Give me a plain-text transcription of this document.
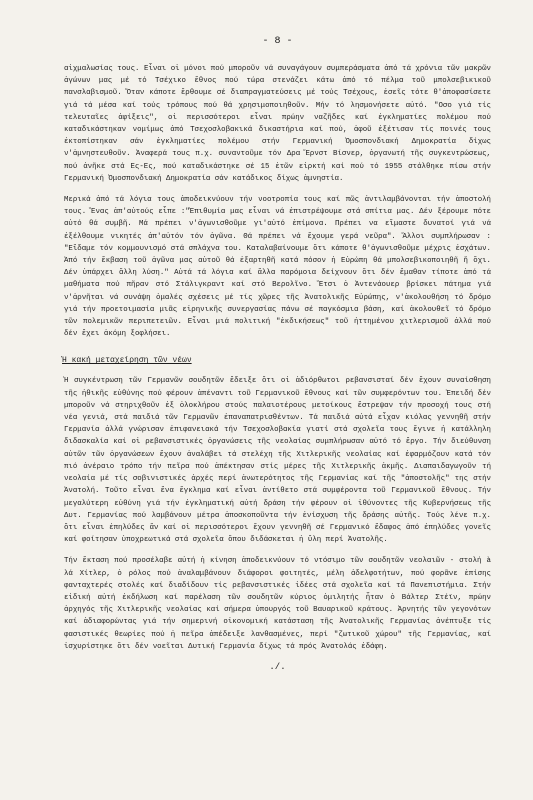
- 8 -

αἰχμαλωσίας τους. Εἶναι οἱ μόνοι πού μποροῦν νά συναγάγουν συμπεράσματα ἀπό τά χρόνια τῶν μακρῶν ἀγώνων μας μέ τό Τσέχικο ἔθνος πού τώρα στενάζει κάτω ἀπό τό πέλμα τοῦ μπολσεβικικοῦ πανσλαβισμοῦ. Ὅταν κάποτε ἔρθουμε σέ διαπραγματεύσεις μέ τούς Τσέχους, ἐσεῖς τότε θ'ἀποφασίσετε γιά τά μέσα καί τούς τρόπους πού θά χρησιμοποιηθοῦν. Μήν τό λησμονήσετε αὐτό. "Οσο γιά τίς τελευταῖες ἀφίξεις", οἱ περισσότεροι εἶναι πρώην ναζῆδες καί ἐγκληματίες πολέμου πού καταδικάστηκαν νομίμως ἀπό Τσεχοσλοβακικά δικαστήρια καί πού, ἀφοῦ ἐξέτισαν τίς ποινές τους ἐκτοπίστηκαν σάν ἐγκληματίες πολέμου στήν Γερμανική Ὁμοσπονδιακή Δημοκρατία δίχως ν'ἀμνηστευθοῦν. Ἀναφερά τους π.χ. συναντοῦμε τόν Δρα Ἔρνστ Βίσνερ, ὀργανωτή τῆς συγκεντρώσεως, πού ἀνῆκε στά Ες-Ες, πού καταδικάστηκε σέ 15 ἐτῶν εἱρκτή καί πού τό 1955 στάλθηκε πίσω στήν Γερμανική Ὁμοσπονδιακή Δημοκρατία σάν κατάδικος δίχως ἀμνηστία.

Μερικά ἀπό τά λόγια τους ἀποδεικνύουν τήν νοοτροπία τους καί πῶς ἀντιλαμβάνονται τήν ἀποστολή τους. Ἕνας ἀπ'αὐτούς εἶπε :"Ἐπιθυμία μας εἶναι νά ἐπιστρέψουμε στά σπίτια μας. Δέν ξέρουμε πότε αὐτό θά συμβῆ. Μά πρέπει ν'ἀγωνισθοῦμε γι'αὐτό ἐπίμονα. Πρέπει να εἴμαστε δυνατοί γιά νά ἐξέλθουμε νικητές ἀπ'αὐτόν τόν ἀγῶνα. Θά πρέπει νά ἔχουμε γερά νεῦρα". Ἄλλοι συμπλήρωσαν : "Εἴδαμε τόν κομμουνισμό στά σπλάχνα του. Καταλαβαίνουμε ὅτι κάποτε θ'ἀγωνισθοῦμε μέχρις ἐσχάτων. Ἀπό τήν ἔκβαση τοῦ ἀγῶνα μας αὐτοῦ θά ἐξαρτηθῆ κατά πόσον ἡ Εὐρώπη θά μπολσεβικοποιηθῆ ἤ ὄχι. Δέν ὑπάρχει ἄλλη λύση." Αὐτά τά λόγια καί ἄλλα παρόμοια δείχνουν ὅτι δέν ἔμαθαν τίποτε ἀπό τά μαθήματα πού πῆραν στό Στάλιγκραντ καί στό Βερολῖνο. Ἔτσι ὁ Ἀντενάουερ βρίσκει πάτημα γιά ν'ἀρνῆται νά συνάψη ὁμαλές σχέσεις μέ τίς χῶρες τῆς Ἀνατολικῆς Εὐρώπης, ν'ἀκολουθήση τό δρόμο γιά τήν προετοιμασία μιᾶς εἰρηνικῆς συνεργασίας πάνω σέ παγκόσμια βάση, καί ἀκολουθεῖ τό δρόμο τῶν πολεμικῶν περιπετειῶν. Εἶναι μιά πολιτική "ἐκδικήσεως" τοῦ ἡττημένου χιτλερισμοῦ ἀλλά πού δέν ἔχει ἀκόμη ξοφλήσει.

Ἡ κακή μεταχείρηση τῶν νέων

Ἡ συγκέντρωση τῶν Γερμανῶν σουδητῶν ἔδειξε ὅτι οἱ ἀδιόρθωτοι ρεβανσισταί δέν ἔχουν συναίσθηση τῆς ἠθικῆς εὐθύνης πού φέρουν ἀπέναντι τοῦ Γερμανικοῦ ἔθνους καί τῶν συμφερόντων του. Ἐπειδή δέν μποροῦν νά στηριχθοῦν ἐξ ὁλοκλήρου στούς παλαιοτέρους μετοίκους ἔστρεψαν τήν προσοχή τους στή νέα γενιά, στά παιδιά τῶν Γερμανῶν ἐπαναπατρισθέντων. Τά παιδιά αὐτά εἶχαν κιόλας γεννηθῆ στήν Γερμανία ἀλλά γνώρισαν ἐπιφανειακά τήν Τσεχοσλοβακία γιατί στά σχολεῖα τους ἔγινε ἡ κατάλληλη διδασκαλία καί οἱ ρεβανσιστικές ὀργανώσεις τῆς νεολαίας συμπλήρωσαν αὐτό τό ἔργο. Τήν διεύθυνση αὐτῶν τῶν ὀργανώσεων ἔχουν ἀναλάβει τά στελέχη τῆς Χιτλερικῆς νεολαίας καί ἐφαρμόζουν κατά τόν πιό ἀνέραιο τρόπο τήν πεῖρα πού ἀπέκτησαν στίς μέρες τῆς Χιτλερικῆς ἀκμῆς. Διαπαιδαγωγοῦν τή νεολαία μέ τίς σοβινιστικές ἀρχές περί ἀνωτερότητος τῆς Γερμανίας καί τῆς "ἀποστολῆς" της στήν Ἀνατολή. Τοῦτο εἶναι ἕνα ἔγκλημα καί εἶναι ἀντίθετο στά συμφέροντα τοῦ Γερμανικοῦ ἔθνους. Τήν μεγαλύτερη εὐθύνη γιά τήν ἐγκληματική αὐτή δράση τήν φέρουν οἱ ἰθύνοντες τῆς Κυβερνήσεως τῆς Δυτ. Γερμανίας πού λαμβάνουν μέτρα ἀποσκοποῦντα τήν ἐνίσχυση τῆς δράσης αὐτῆς. Τούς λένε π.χ. ὅτι εἶναι ἐπηλύδες ἄν καί οἱ περισσότεροι ἔχουν γεννηθῆ σέ Γερμανικό ἔδαφος ἀπό ἐπηλύδες γονεῖς καί φοίτησαν ὑποχρεωτικά στά σχολεῖα ὅπου διδάσκεται ἡ ὕλη περί Ἀνατολῆς.

Τήν ἔκταση πού προσέλαβε αὐτή ἡ κίνηση ἀποδεικνύουν τό ντόσιμο τῶν σουδητῶν νεολαιῶν - στολή à λά Χίτλερ, ὁ ρόλος πού ἀναλαμβάνουν διάφοροι φοιτητές, μέλη ἀδελφοτήτων, πού φορᾶνε ἐπίσης φανταχτερές στολές καί διαδίδουν τίς ρεβανσιστικές ἰδέες στά σχολεῖα καί τά Πανεπιστήμια. Στήν εἰδική αὐτή ἐκδήλωση καί παρέλαση τῶν σουδητῶν κύριος ὁμιλητής ἦταν ὁ Βάλτερ Στέϊν, πρώην ἀρχηγός τῆς Χιτλερικῆς νεολαίας καί σήμερα ὑπουργός τοῦ Βαυαρικοῦ κράτους. Ἀρνητής τῶν γεγονότων καί ἀδιαφορώντας γιά τήν σημερινή οἰκονομική κατάσταση τῆς Ἀνατολικῆς Γερμανίας ἀνέπτυξε τίς φασιστικές θεωρίες πού ἡ πεῖρα ἀπέδειξε λανθασμένες, περί "ζωτικοῦ χώρου" τῆς Γερμανίας, καί ἰσχυρίστηκε ὅτι δέν νοεῖται Δυτική Γερμανία δίχως τά πρός Ἀνατολάς ἐδάφη.

./.
